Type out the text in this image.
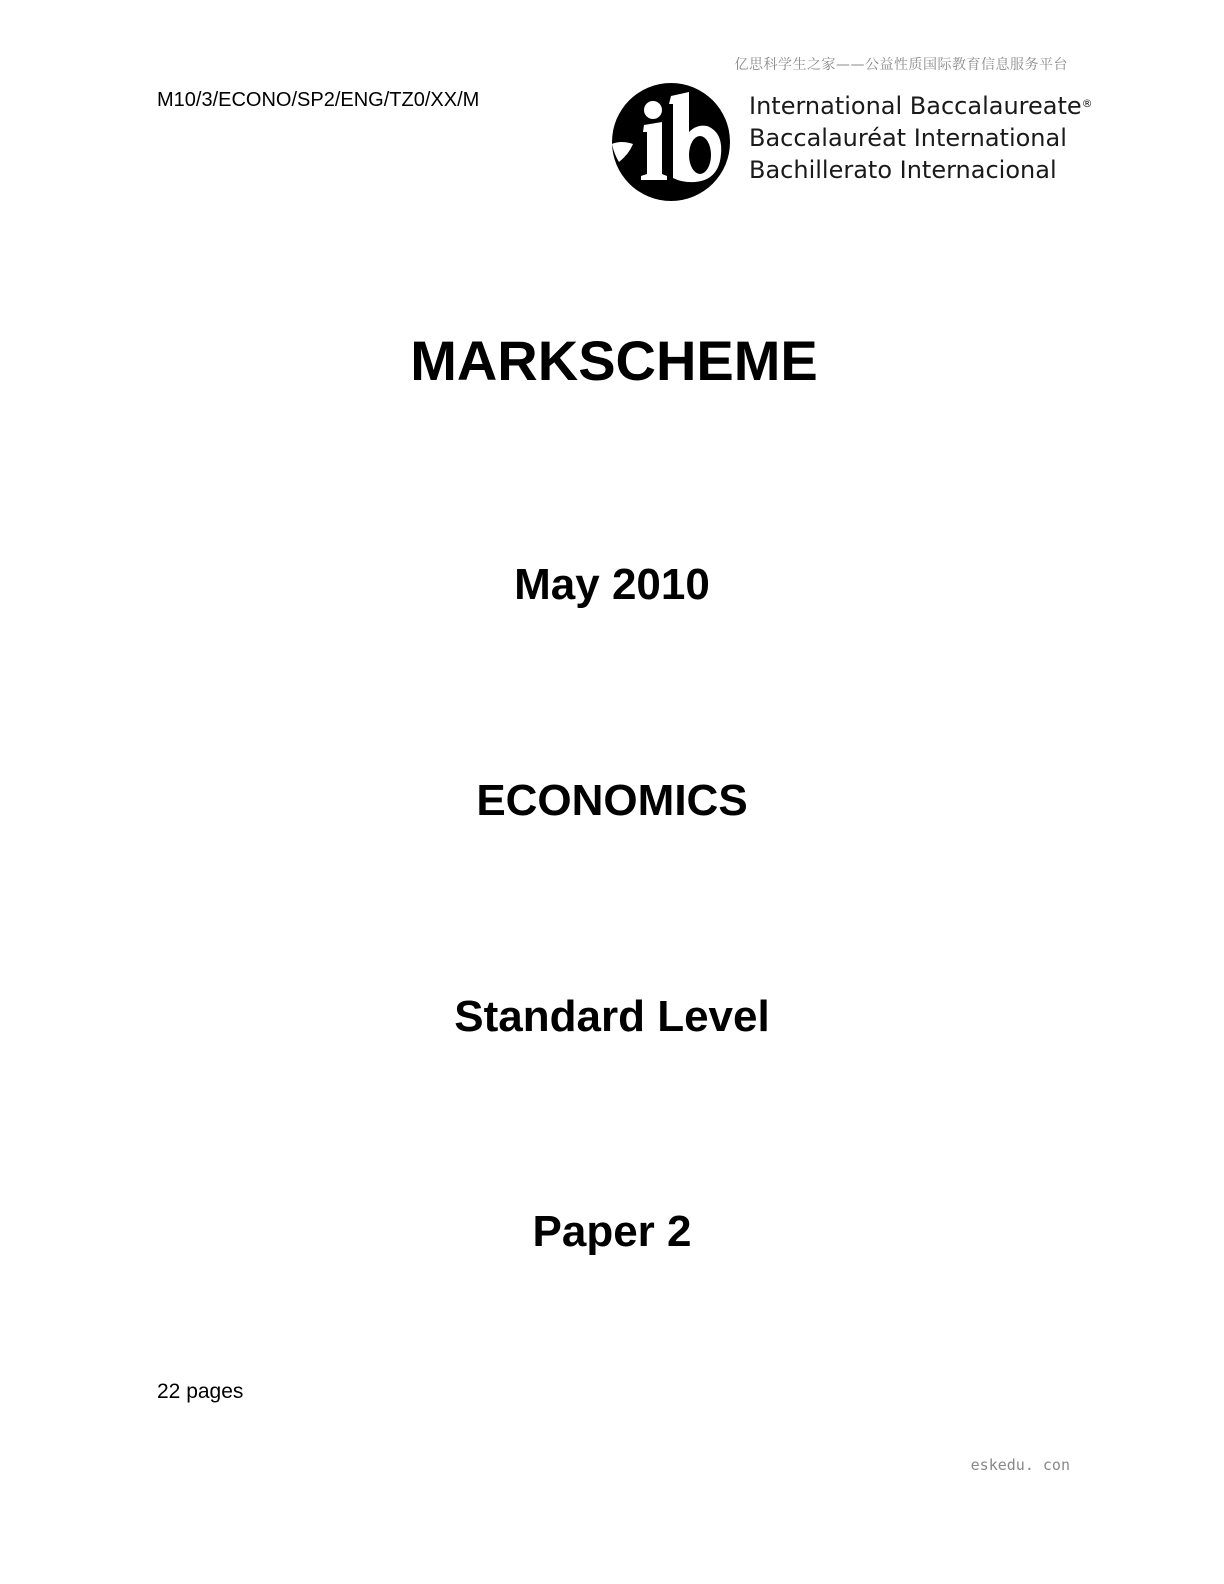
亿思科学生之家——公益性质国际教育信息服务平台
M10/3/ECONO/SP2/ENG/TZ0/XX/M	International Baccalaureate®
Baccalauréat International
Bachillerato Internacional
MARKSCHEME
May 2010
ECONOMICS
Standard Level
Paper 2
22 pages
eskedu. con
